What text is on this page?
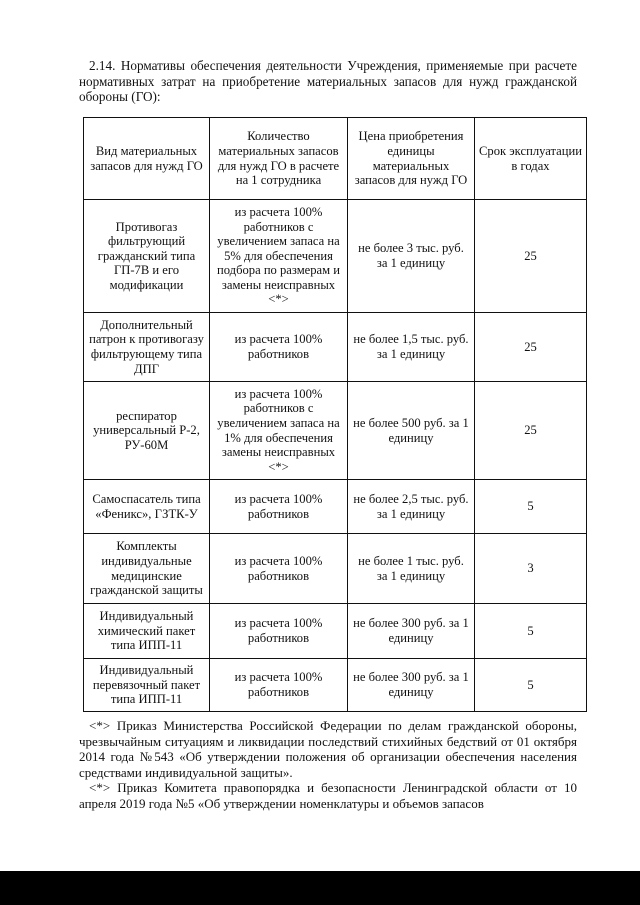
2.14. Нормативы обеспечения деятельности Учреждения, применяемые при расчете нормативных затрат на приобретение материальных запасов для нужд гражданской обороны (ГО):

Вид материальных запасов для нужд ГО	Количество материальных запасов для нужд ГО в расчете на 1 сотрудника	Цена приобретения единицы материальных запасов для нужд ГО	Срок эксплуатации в годах
Противогаз фильтрующий гражданский типа ГП-7В и его модификации	из расчета 100% работников с увеличением запаса на 5% для обеспечения подбора по размерам и замены неисправных <*>	не более 3 тыс. руб. за 1 единицу	25
Дополнительный патрон к противогазу фильтрующему типа ДПГ	из расчета 100% работников	не более 1,5 тыс. руб. за 1 единицу	25
респиратор универсальный Р-2, РУ-60М	из расчета 100% работников с увеличением запаса на 1% для обеспечения замены неисправных <*>	не более 500 руб. за 1 единицу	25
Самоспасатель типа «Феникс», ГЗТК-У	из расчета 100% работников	не более 2,5 тыс. руб. за 1 единицу	5
Комплекты индивидуальные медицинские гражданской защиты	из расчета 100% работников	не более 1 тыс. руб. за 1 единицу	3
Индивидуальный химический пакет типа ИПП-11	из расчета 100% работников	не более 300 руб. за 1 единицу	5
Индивидуальный перевязочный пакет типа ИПП-11	из расчета 100% работников	не более 300 руб. за 1 единицу	5

<*> Приказ Министерства Российской Федерации по делам гражданской обороны, чрезвычайным ситуациям и ликвидации последствий стихийных бедствий от 01 октября 2014 года №543 «Об утверждении положения об организации обеспечения населения средствами индивидуальной защиты».

<*> Приказ Комитета правопорядка и безопасности Ленинградской области от 10 апреля 2019 года №5 «Об утверждении номенклатуры и объемов запасов
